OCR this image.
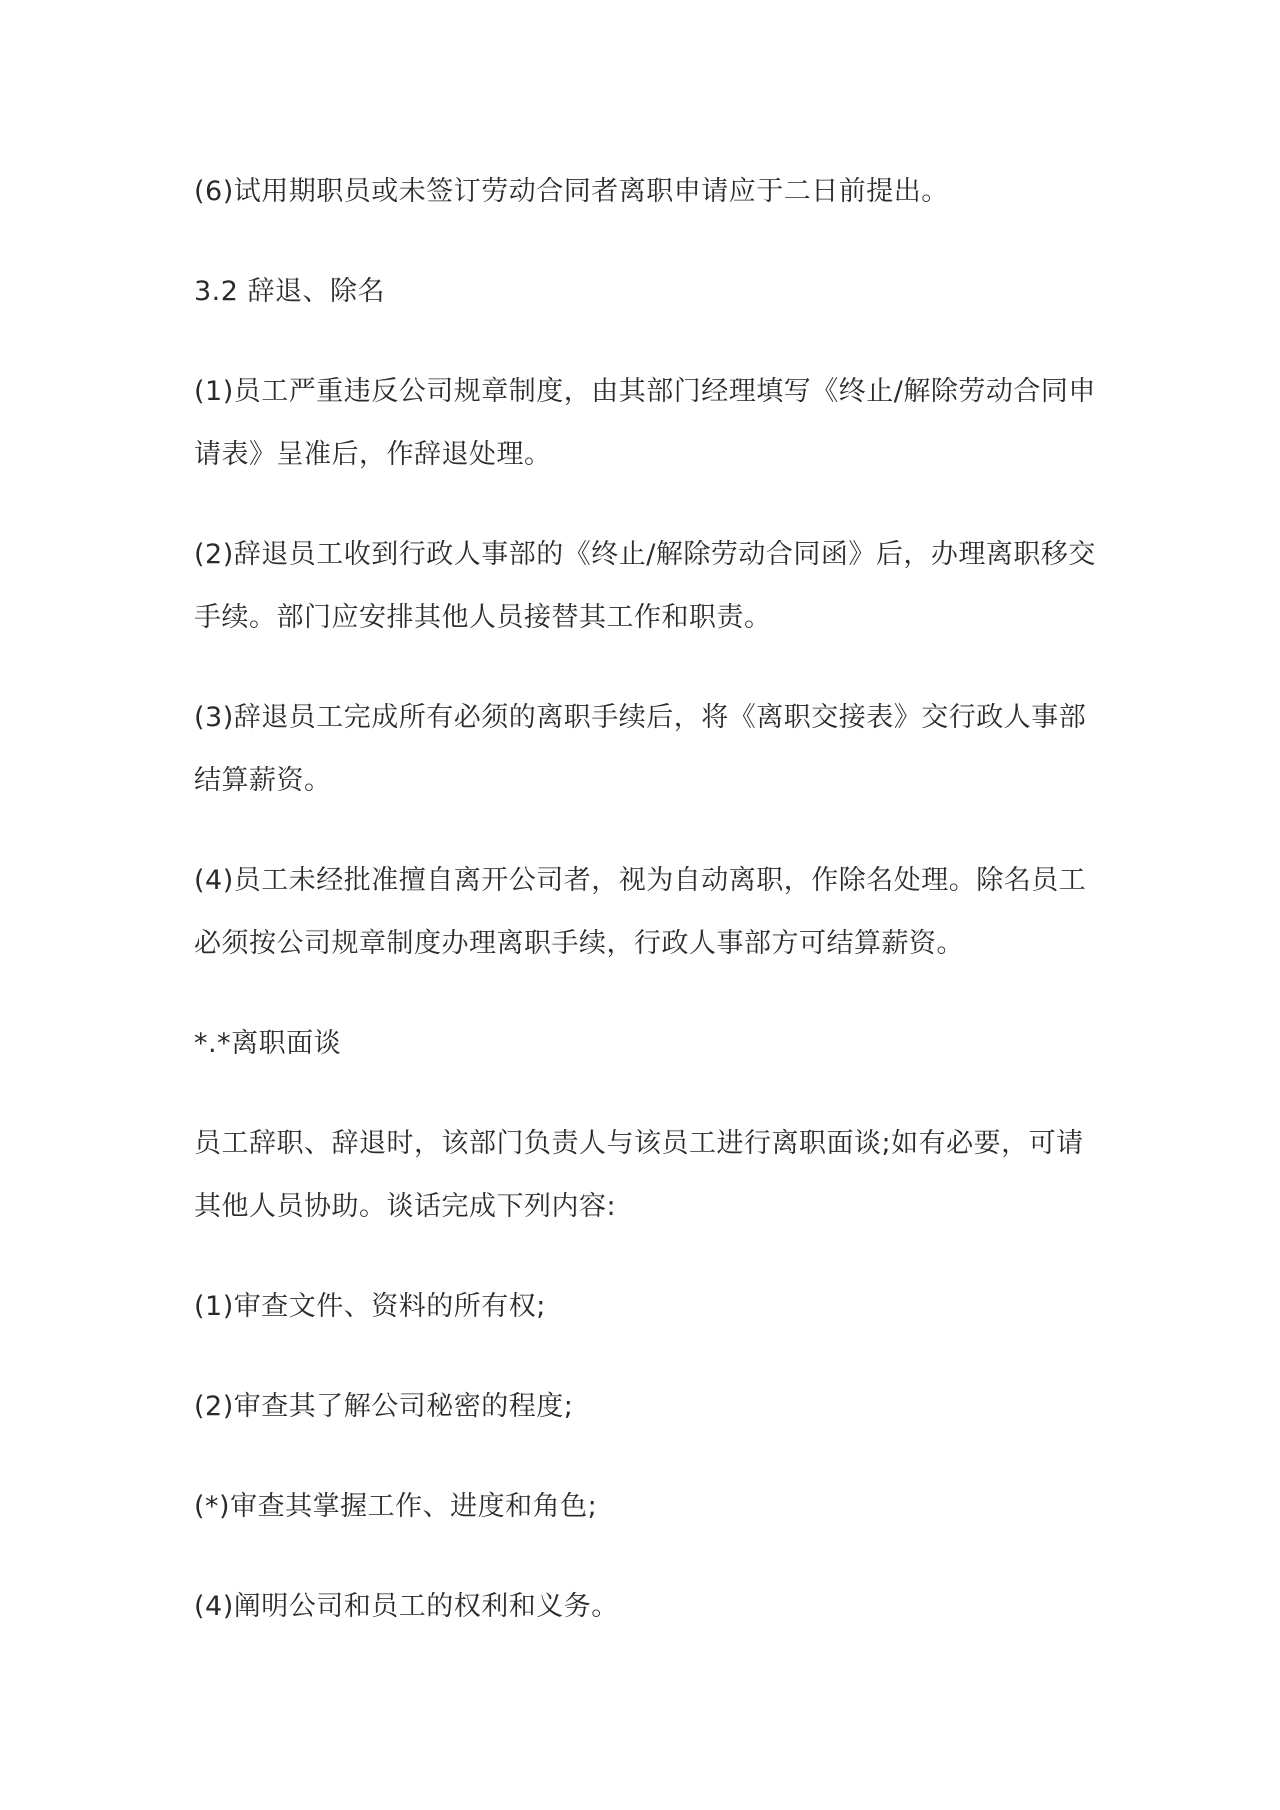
(6)试用期职员或未签订劳动合同者离职申请应于二日前提出。

3.2 辞退、除名

(1)员工严重违反公司规章制度，由其部门经理填写《终止/解除劳动合同申
请表》呈准后，作辞退处理。

(2)辞退员工收到行政人事部的《终止/解除劳动合同函》后，办理离职移交
手续。部门应安排其他人员接替其工作和职责。

(3)辞退员工完成所有必须的离职手续后，将《离职交接表》交行政人事部
结算薪资。

(4)员工未经批准擅自离开公司者，视为自动离职，作除名处理。除名员工
必须按公司规章制度办理离职手续，行政人事部方可结算薪资。

*.*离职面谈

员工辞职、辞退时，该部门负责人与该员工进行离职面谈;如有必要，可请
其他人员协助。谈话完成下列内容:

(1)审查文件、资料的所有权;

(2)审查其了解公司秘密的程度;

(*)审查其掌握工作、进度和角色;

(4)阐明公司和员工的权利和义务。
